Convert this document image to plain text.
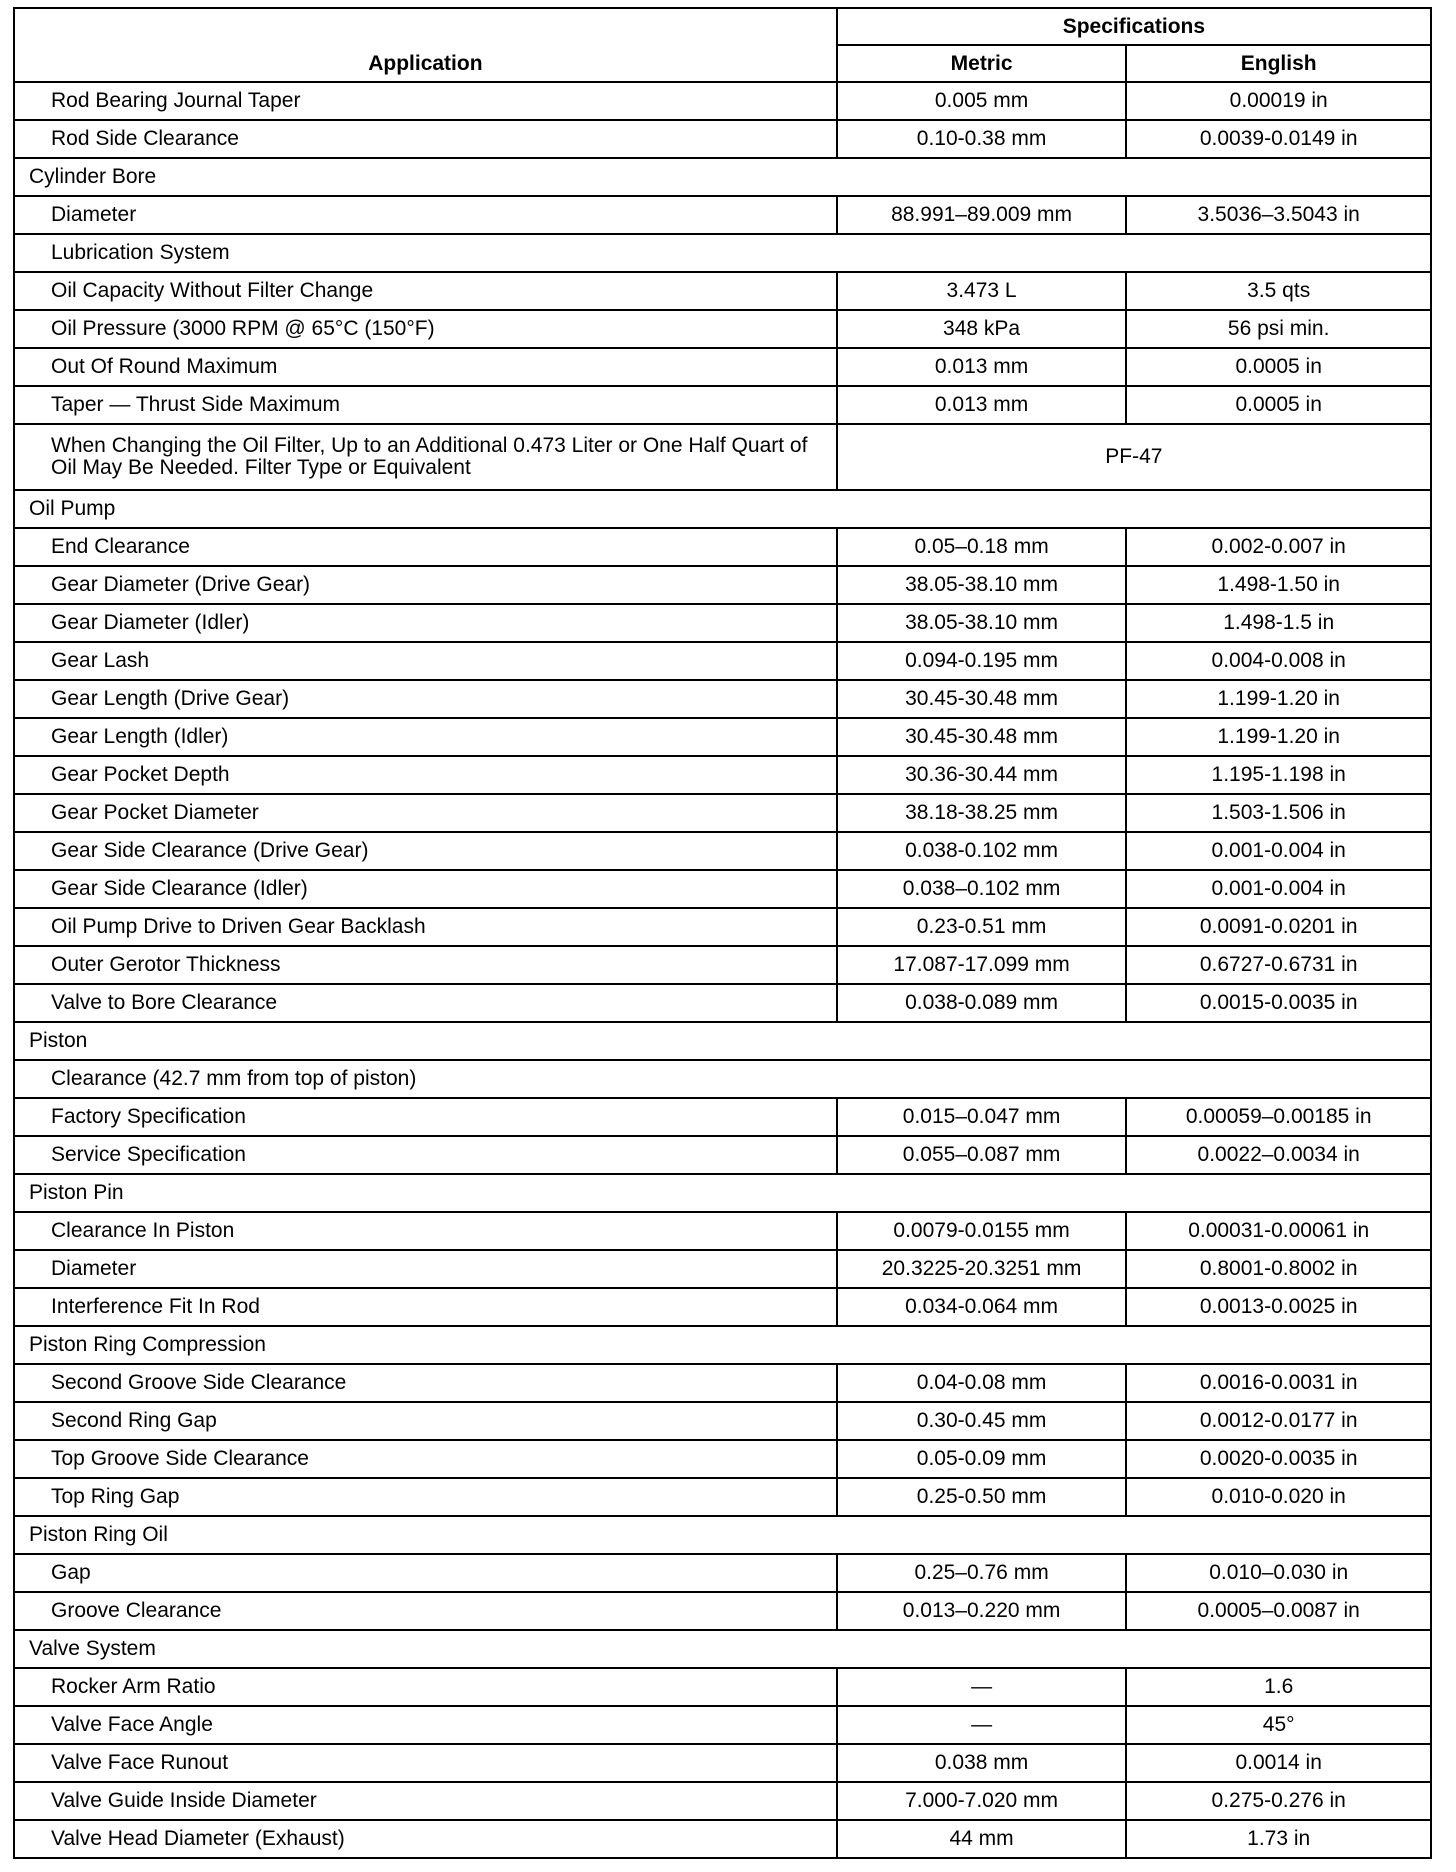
Application	Specifications	
	Metric	English
Rod Bearing Journal Taper	0.005 mm	0.00019 in
Rod Side Clearance	0.10-0.38 mm	0.0039-0.0149 in
Cylinder Bore		
Diameter	88.991–89.009 mm	3.5036–3.5043 in
Lubrication System		
Oil Capacity Without Filter Change	3.473 L	3.5 qts
Oil Pressure (3000 RPM @ 65°C (150°F)	348 kPa	56 psi min.
Out Of Round Maximum	0.013 mm	0.0005 in
Taper — Thrust Side Maximum	0.013 mm	0.0005 in
When Changing the Oil Filter, Up to an Additional 0.473 Liter or One Half Quart of Oil May Be Needed. Filter Type or Equivalent	PF-47	
Oil Pump		
End Clearance	0.05–0.18 mm	0.002-0.007 in
Gear Diameter (Drive Gear)	38.05-38.10 mm	1.498-1.50 in
Gear Diameter (Idler)	38.05-38.10 mm	1.498-1.5 in
Gear Lash	0.094-0.195 mm	0.004-0.008 in
Gear Length (Drive Gear)	30.45-30.48 mm	1.199-1.20 in
Gear Length (Idler)	30.45-30.48 mm	1.199-1.20 in
Gear Pocket Depth	30.36-30.44 mm	1.195-1.198 in
Gear Pocket Diameter	38.18-38.25 mm	1.503-1.506 in
Gear Side Clearance (Drive Gear)	0.038-0.102 mm	0.001-0.004 in
Gear Side Clearance (Idler)	0.038–0.102 mm	0.001-0.004 in
Oil Pump Drive to Driven Gear Backlash	0.23-0.51 mm	0.0091-0.0201 in
Outer Gerotor Thickness	17.087-17.099 mm	0.6727-0.6731 in
Valve to Bore Clearance	0.038-0.089 mm	0.0015-0.0035 in
Piston		
Clearance (42.7 mm from top of piston)		
Factory Specification	0.015–0.047 mm	0.00059–0.00185 in
Service Specification	0.055–0.087 mm	0.0022–0.0034 in
Piston Pin		
Clearance In Piston	0.0079-0.0155 mm	0.00031-0.00061 in
Diameter	20.3225-20.3251 mm	0.8001-0.8002 in
Interference Fit In Rod	0.034-0.064 mm	0.0013-0.0025 in
Piston Ring Compression		
Second Groove Side Clearance	0.04-0.08 mm	0.0016-0.0031 in
Second Ring Gap	0.30-0.45 mm	0.0012-0.0177 in
Top Groove Side Clearance	0.05-0.09 mm	0.0020-0.0035 in
Top Ring Gap	0.25-0.50 mm	0.010-0.020 in
Piston Ring Oil		
Gap	0.25–0.76 mm	0.010–0.030 in
Groove Clearance	0.013–0.220 mm	0.0005–0.0087 in
Valve System		
Rocker Arm Ratio	—	1.6
Valve Face Angle	—	45°
Valve Face Runout	0.038 mm	0.0014 in
Valve Guide Inside Diameter	7.000-7.020 mm	0.275-0.276 in
Valve Head Diameter (Exhaust)	44 mm	1.73 in
